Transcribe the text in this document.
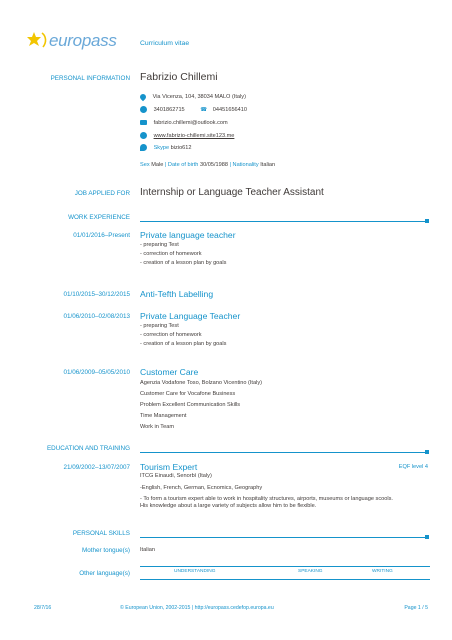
europass	Curriculum vitae
PERSONAL INFORMATION Fabrizio Chillemi
Via Vicenza, 104, 38034 MALO (Italy)
3401862715	☎ 04451656410
fabrizio.chillemi@outlook.com
www.fabrizio-chillemi.site123.me
Skype bizio612
Sex Male | Date of birth 30/05/1988 | Nationality Italian
JOB APPLIED FOR Internship or Language Teacher Assistant
WORK EXPERIENCE
01/01/2016–Present Private language teacher
- preparing Test
- correction of homework
- creation of a lesson plan by goals
01/10/2015–30/12/2015 Anti-Tefth Labelling
01/06/2010–02/08/2013 Private Language Teacher
- preparing Test
- correction of homework
- creation of a lesson plan by goals
01/06/2009–05/05/2010 Customer Care
Agenzia Vodafone Toso, Bolzano Vicentino (Italy)
Customer Care for Vocafone Business
Problem Excellent Communication Skills
Time Management
Work in Team
EDUCATION AND TRAINING
21/09/2002–13/07/2007 Tourism Expert	EQF level 4
ITCG Einaudi, Senorbì (Italy)
-English, French, German, Ecnomics, Geography
- To form a tourism expert able to work in hospitality structures, airports, museums or language scools.
His knowledge about a large variety of subjects allow him to be flexible.
PERSONAL SKILLS
Mother tongue(s) Italian
Other language(s)	UNDERSTANDING	SPEAKING	WRITING
28/7/16	© European Union, 2002-2015 | http://europass.cedefop.europa.eu	Page 1 / 5
